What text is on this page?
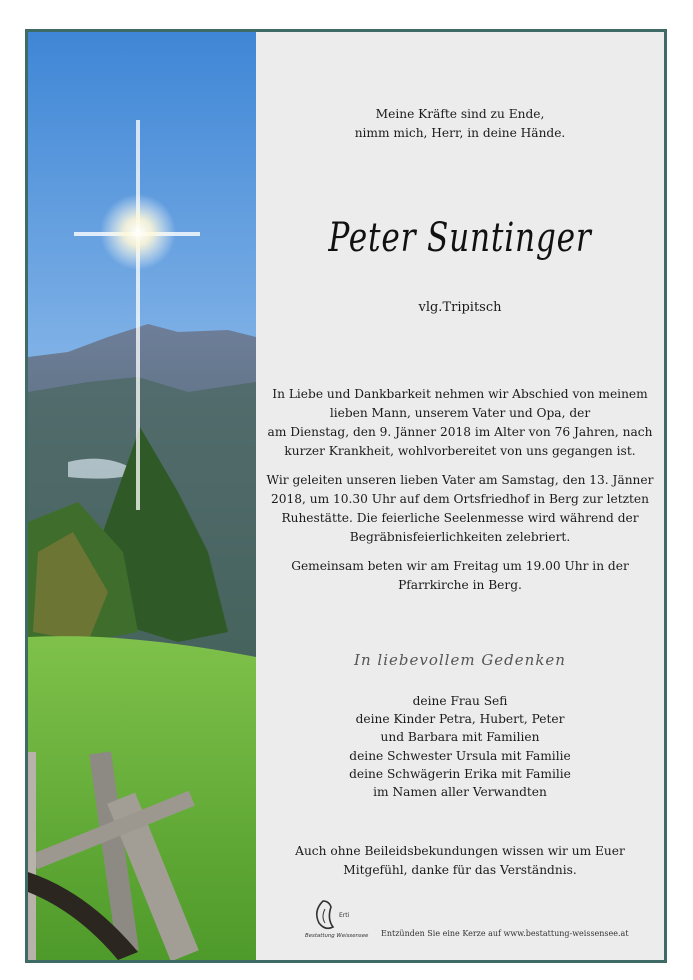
Meine Kräfte sind zu Ende,
nimm mich, Herr, in deine Hände.
Peter Suntinger
vlg.Tripitsch
In Liebe und Dankbarkeit nehmen wir Abschied von meinem
lieben Mann, unserem Vater und Opa, der
am Dienstag, den 9. Jänner 2018 im Alter von 76 Jahren, nach
kurzer Krankheit, wohlvorbereitet von uns gegangen ist.
Wir geleiten unseren lieben Vater am Samstag, den 13. Jänner
2018, um 10.30 Uhr auf dem Ortsfriedhof in Berg zur letzten
Ruhestätte. Die feierliche Seelenmesse wird während der
Begräbnisfeierlichkeiten zelebriert.
Gemeinsam beten wir am Freitag um 19.00 Uhr in der
Pfarrkirche in Berg.
In liebevollem Gedenken
deine Frau Sefi
deine Kinder Petra, Hubert, Peter
und Barbara mit Familien
deine Schwester Ursula mit Familie
deine Schwägerin Erika mit Familie
im Namen aller Verwandten
Auch ohne Beileidsbekundungen wissen wir um Euer
Mitgefühl, danke für das Verständnis.
Erti
Bestattung Weissensee Entzünden Sie eine Kerze auf www.bestattung-weissensee.at
